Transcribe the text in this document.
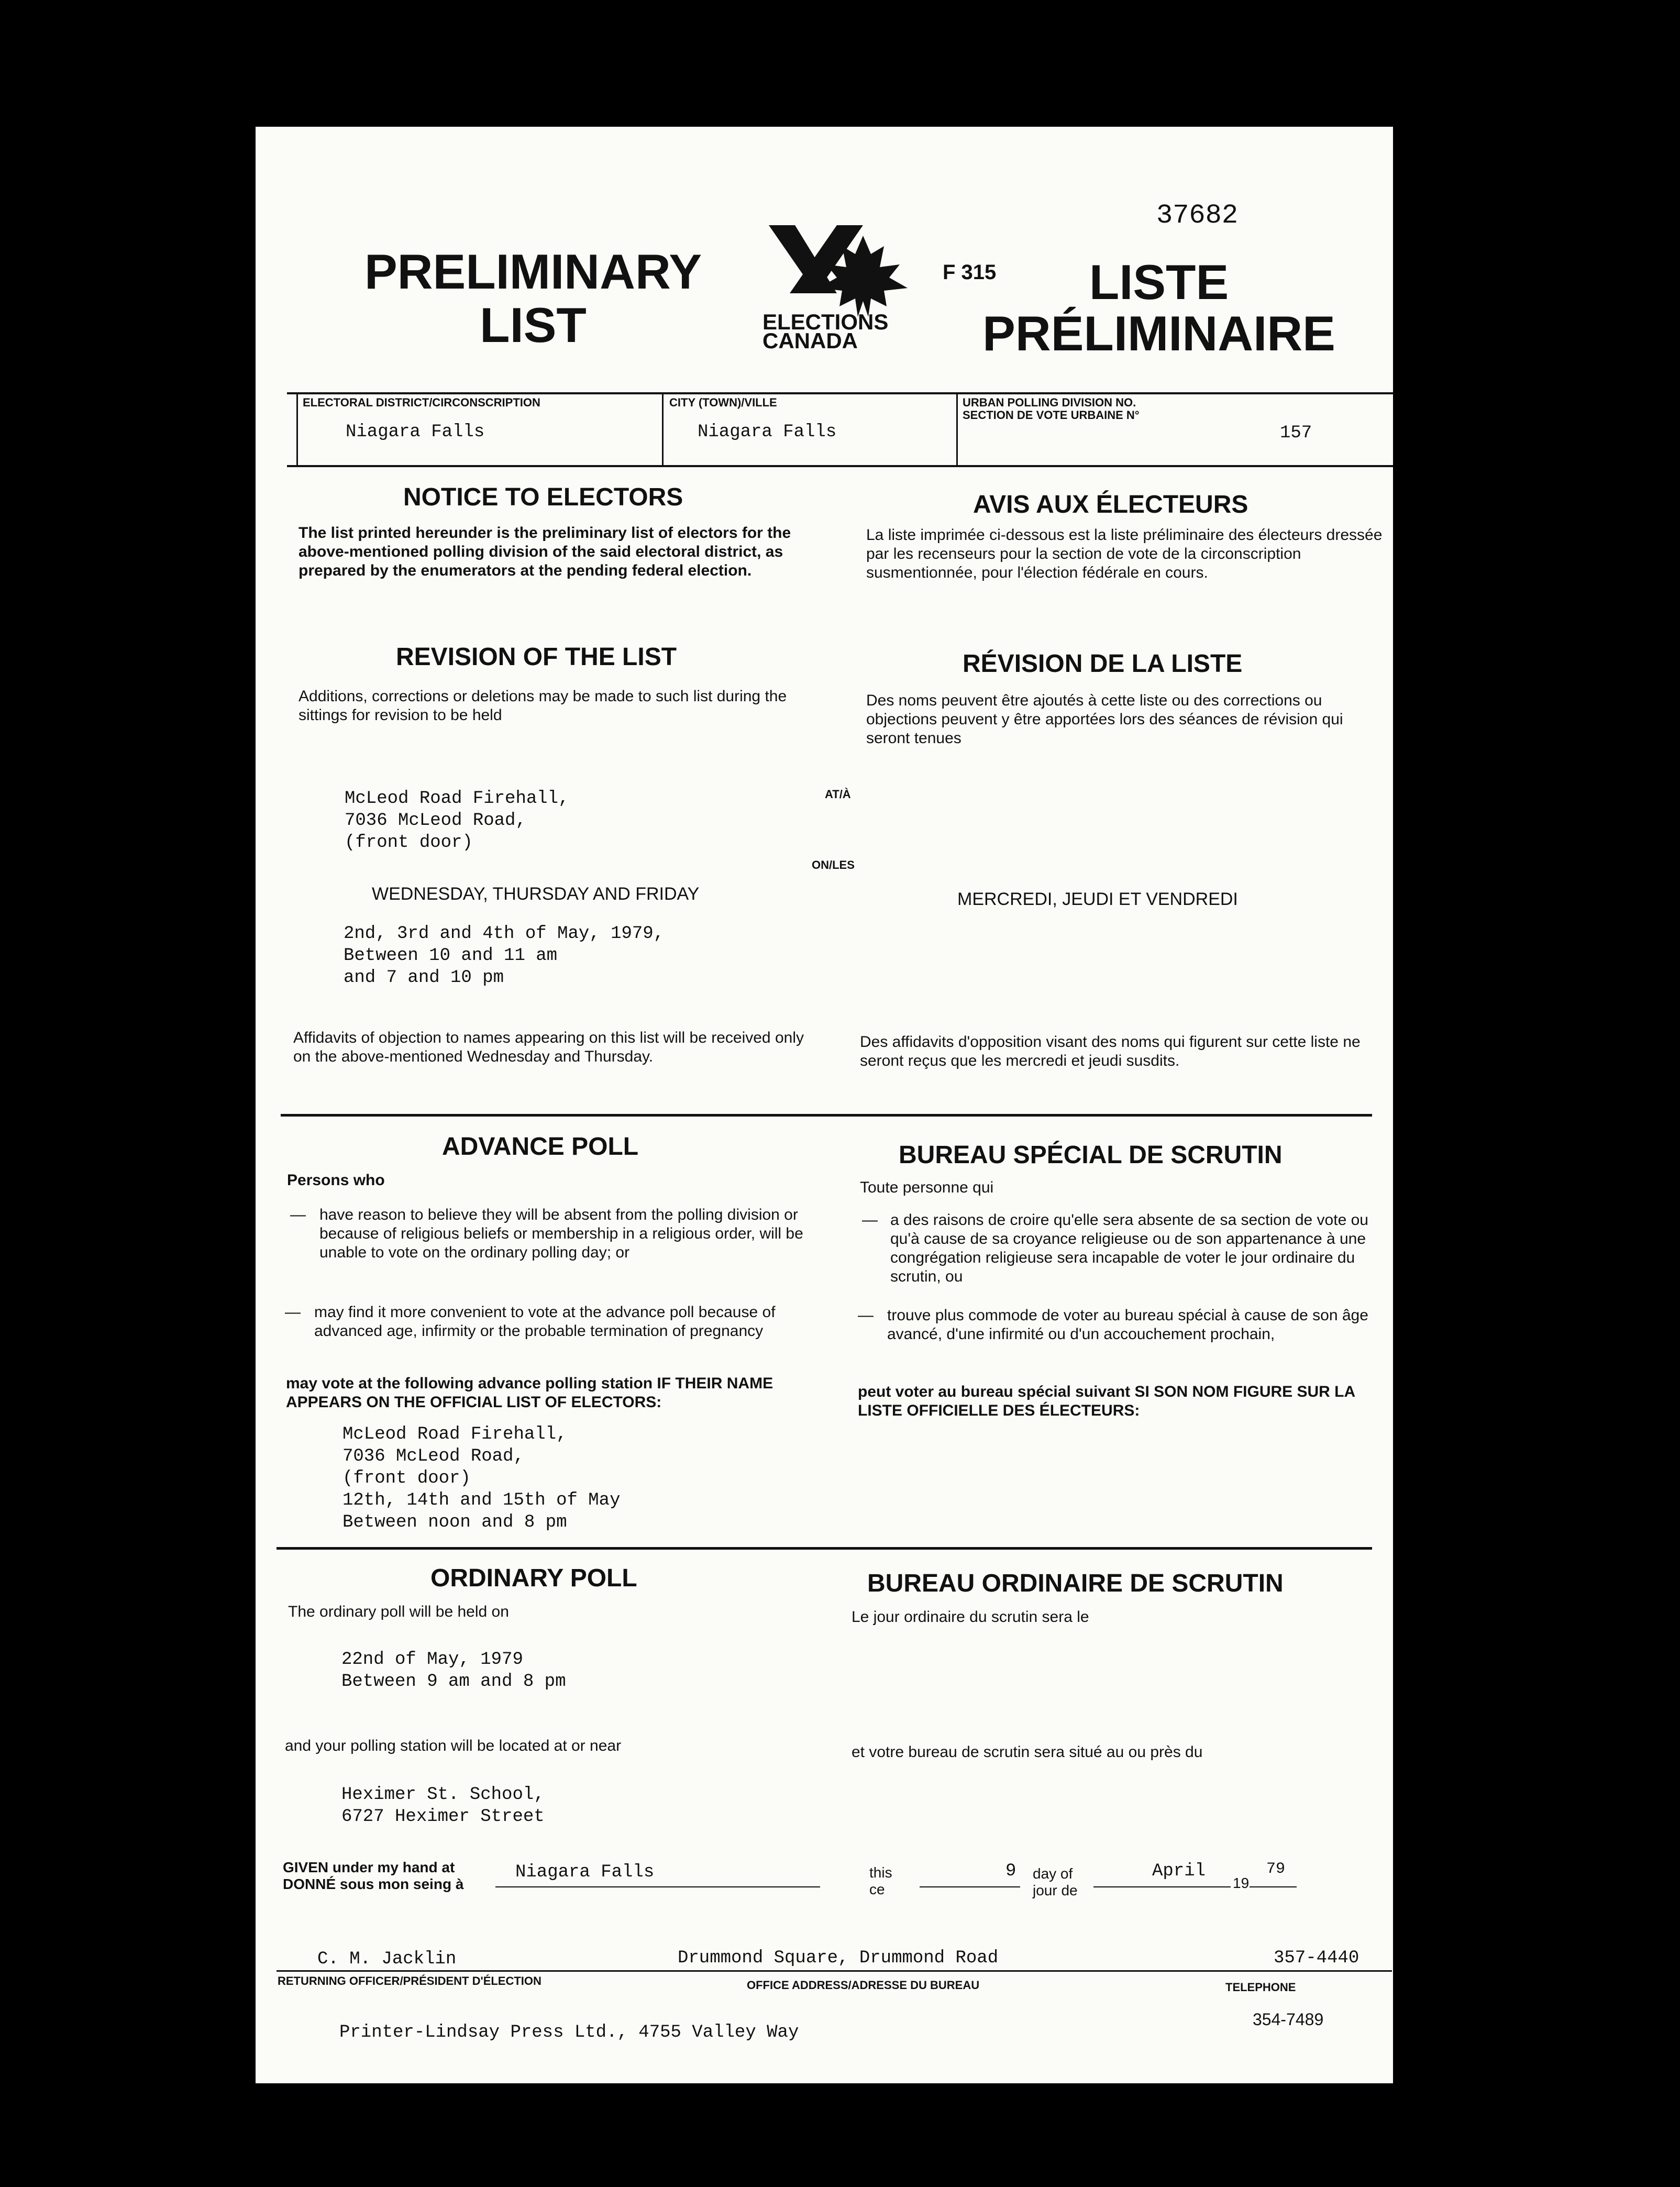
37682
PRELIMINARY
LIST
F 315	LISTE
PRÉLIMINAIRE
ELECTIONS
CANADA
ELECTORAL DISTRICT/CIRCONSCRIPTION
Niagara Falls
CITY (TOWN)/VILLE
Niagara Falls
URBAN POLLING DIVISION NO.
SECTION DE VOTE URBAINE N°
157
NOTICE TO ELECTORS	AVIS AUX ÉLECTEURS
The list printed hereunder is the preliminary list of electors for the above-mentioned polling division of the said electoral district, as prepared by the enumerators at the pending federal election.
La liste imprimée ci-dessous est la liste préliminaire des électeurs dressée par les recenseurs pour la section de vote de la circonscription susmentionnée, pour l'élection fédérale en cours.
REVISION OF THE LIST	RÉVISION DE LA LISTE
Additions, corrections or deletions may be made to such list during the sittings for revision to be held
Des noms peuvent être ajoutés à cette liste ou des corrections ou objections peuvent y être apportées lors des séances de révision qui seront tenues
McLeod Road Firehall,
7036 McLeod Road,
(front door)
AT/À
ON/LES
WEDNESDAY, THURSDAY AND FRIDAY	MERCREDI, JEUDI ET VENDREDI
2nd, 3rd and 4th of May, 1979,
Between 10 and 11 am
and 7 and 10 pm
Affidavits of objection to names appearing on this list will be received only on the above-mentioned Wednesday and Thursday.
Des affidavits d'opposition visant des noms qui figurent sur cette liste ne seront reçus que les mercredi et jeudi susdits.
ADVANCE POLL	BUREAU SPÉCIAL DE SCRUTIN
Persons who	Toute personne qui
— have reason to believe they will be absent from the polling division or because of religious beliefs or membership in a religious order, will be unable to vote on the ordinary polling day; or
— may find it more convenient to vote at the advance poll because of advanced age, infirmity or the probable termination of pregnancy
— a des raisons de croire qu'elle sera absente de sa section de vote ou qu'à cause de sa croyance religieuse ou de son appartenance à une congrégation religieuse sera incapable de voter le jour ordinaire du scrutin, ou
— trouve plus commode de voter au bureau spécial à cause de son âge avancé, d'une infirmité ou d'un accouchement prochain,
may vote at the following advance polling station IF THEIR NAME APPEARS ON THE OFFICIAL LIST OF ELECTORS:
peut voter au bureau spécial suivant SI SON NOM FIGURE SUR LA LISTE OFFICIELLE DES ÉLECTEURS:
McLeod Road Firehall,
7036 McLeod Road,
(front door)
12th, 14th and 15th of May
Between noon and 8 pm
ORDINARY POLL	BUREAU ORDINAIRE DE SCRUTIN
The ordinary poll will be held on	Le jour ordinaire du scrutin sera le
22nd of May, 1979
Between 9 am and 8 pm
and your polling station will be located at or near	et votre bureau de scrutin sera situé au ou près du
Heximer St. School,
6727 Heximer Street
GIVEN under my hand at
DONNÉ sous mon seing à
Niagara Falls	this
ce
9 day of
jour de
April
19
79
C. M. Jacklin	Drummond Square, Drummond Road	357-4440
RETURNING OFFICER/PRÉSIDENT D'ÉLECTION	OFFICE ADDRESS/ADRESSE DU BUREAU	TELEPHONE
Printer-Lindsay Press Ltd., 4755 Valley Way
354-7489
